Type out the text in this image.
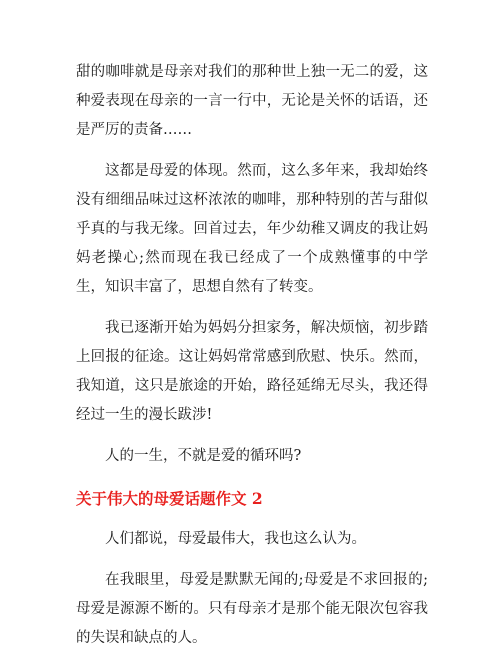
甜的咖啡就是母亲对我们的那种世上独一无二的爱，这种爱表现在母亲的一言一行中，无论是关怀的话语，还是严厉的责备……

这都是母爱的体现。然而，这么多年来，我却始终没有细细品味过这杯浓浓的咖啡，那种特别的苦与甜似乎真的与我无缘。回首过去，年少幼稚又调皮的我让妈妈老操心;然而现在我已经成了一个成熟懂事的中学生，知识丰富了，思想自然有了转变。

我已逐渐开始为妈妈分担家务，解决烦恼，初步踏上回报的征途。这让妈妈常常感到欣慰、快乐。然而，我知道，这只是旅途的开始，路径延绵无尽头，我还得经过一生的漫长跋涉!

人的一生，不就是爱的循环吗?

关于伟大的母爱话题作文 2

人们都说，母爱最伟大，我也这么认为。

在我眼里，母爱是默默无闻的;母爱是不求回报的;母爱是源源不断的。只有母亲才是那个能无限次包容我的失误和缺点的人。
